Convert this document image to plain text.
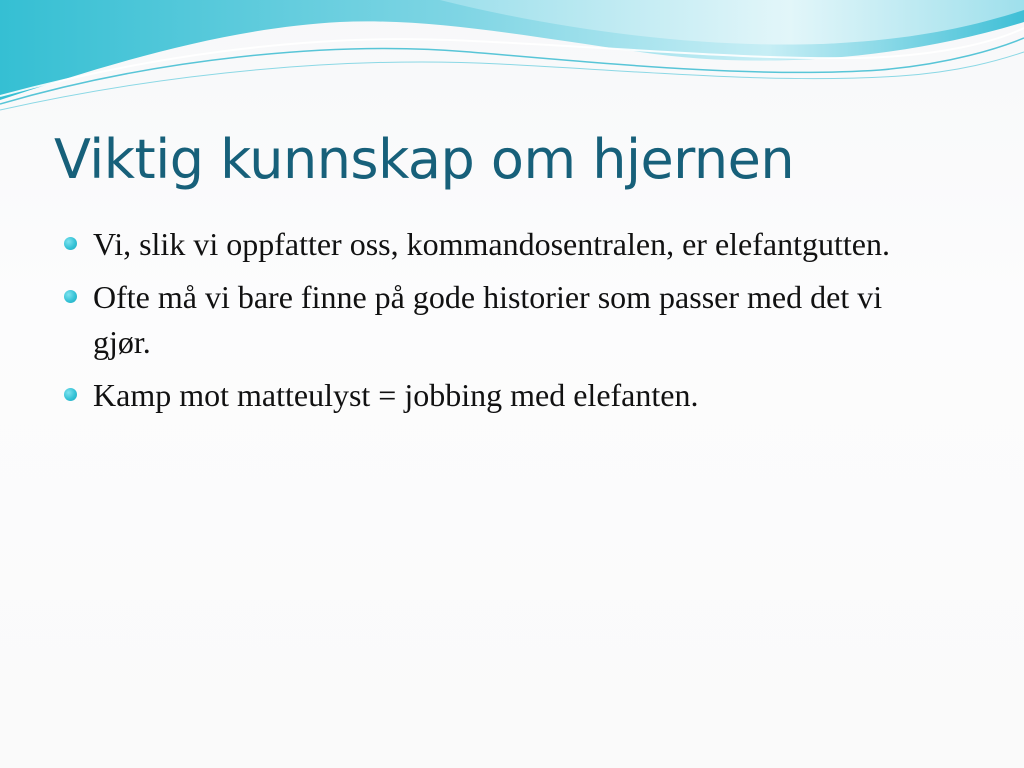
Viktig kunnskap om hjernen
Vi, slik vi oppfatter oss, kommandosentralen, er elefantgutten.
Ofte må vi bare finne på gode historier som passer med det vi gjør.
Kamp mot matteulyst = jobbing med elefanten.
